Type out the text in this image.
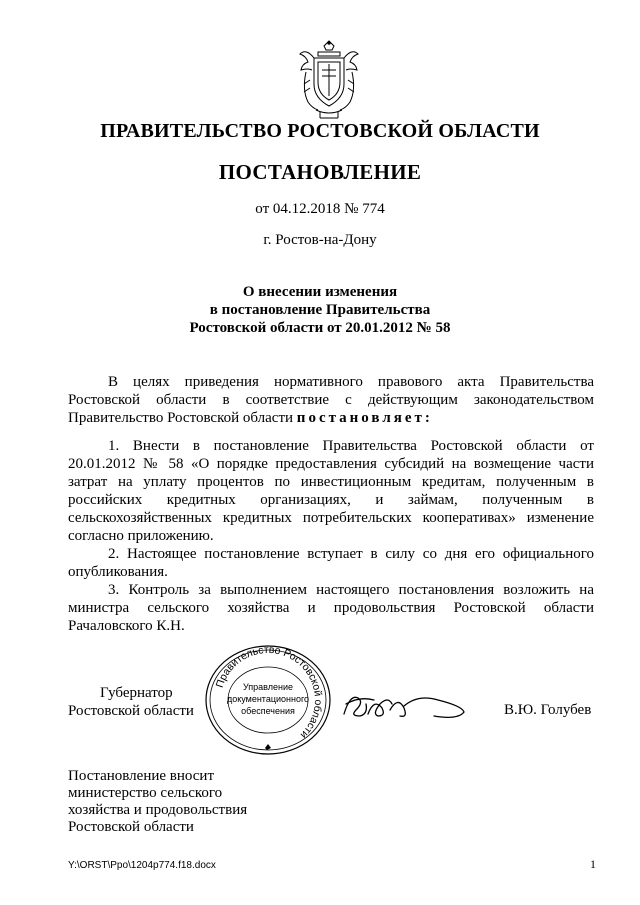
ПРАВИТЕЛЬСТВО РОСТОВСКОЙ ОБЛАСТИ
ПОСТАНОВЛЕНИЕ
от 04.12.2018 № 774
г. Ростов-на-Дону
О внесении изменения
в постановление Правительства
Ростовской области от 20.01.2012 № 58
В целях приведения нормативного правового акта Правительства Ростовской области в соответствие с действующим законодательством Правительство Ростовской области постановляет:

1. Внести в постановление Правительства Ростовской области от 20.01.2012 № 58 «О порядке предоставления субсидий на возмещение части затрат на уплату процентов по инвестиционным кредитам, полученным в российских кредитных организациях, и займам, полученным в сельскохозяйственных кредитных потребительских кооперативах» изменение согласно приложению.

2. Настоящее постановление вступает в силу со дня его официального опубликования.

3. Контроль за выполнением настоящего постановления возложить на министра сельского хозяйства и продовольствия Ростовской области Рачаловского К.Н.

Губернатор
Ростовской области
Правительство Ростовской области
Управление
документационного
обеспечения	В.Ю. Голубев
Постановление вносит
министерство сельского
хозяйства и продовольствия
Ростовской области
Y:\ORST\Ppo\1204p774.f18.docx	1
